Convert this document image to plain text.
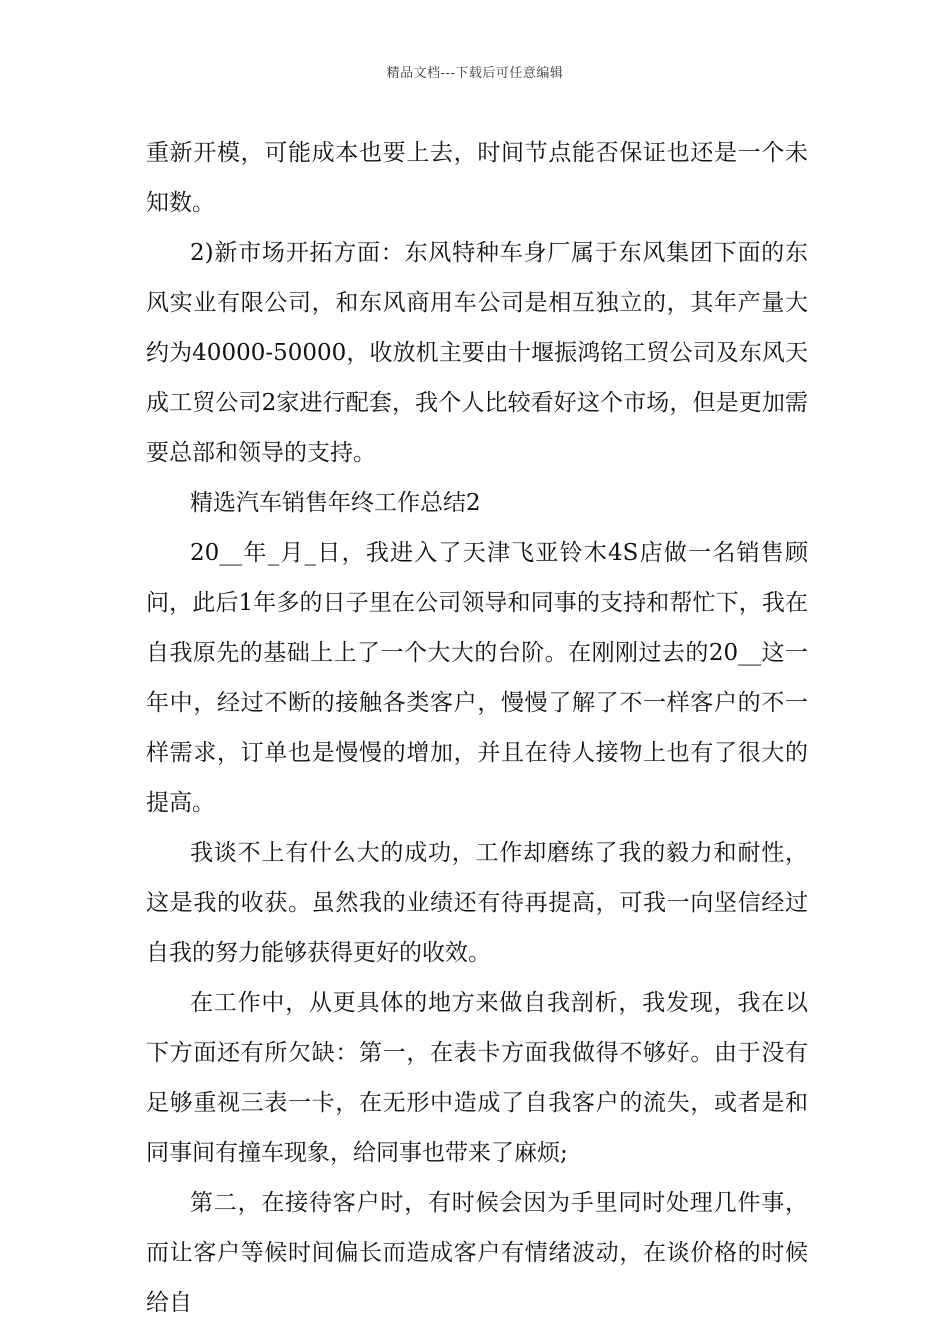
精品文档---下载后可任意编辑

重新开模，可能成本也要上去，时间节点能否保证也还是一个未知数。

2)新市场开拓方面：东风特种车身厂属于东风集团下面的东风实业有限公司，和东风商用车公司是相互独立的，其年产量大约为40000-50000，收放机主要由十堰振鸿铭工贸公司及东风天成工贸公司2家进行配套，我个人比较看好这个市场，但是更加需要总部和领导的支持。

精选汽车销售年终工作总结2

20__年_月_日，我进入了天津飞亚铃木4S店做一名销售顾问，此后1年多的日子里在公司领导和同事的支持和帮忙下，我在自我原先的基础上上了一个大大的台阶。在刚刚过去的20__这一年中，经过不断的接触各类客户，慢慢了解了不一样客户的不一样需求，订单也是慢慢的增加，并且在待人接物上也有了很大的提高。

我谈不上有什么大的成功，工作却磨练了我的毅力和耐性，这是我的收获。虽然我的业绩还有待再提高，可我一向坚信经过自我的努力能够获得更好的收效。

在工作中，从更具体的地方来做自我剖析，我发现，我在以下方面还有所欠缺：第一，在表卡方面我做得不够好。由于没有足够重视三表一卡，在无形中造成了自我客户的流失，或者是和同事间有撞车现象，给同事也带来了麻烦;

第二，在接待客户时，有时候会因为手里同时处理几件事，而让客户等候时间偏长而造成客户有情绪波动，在谈价格的时候给自
